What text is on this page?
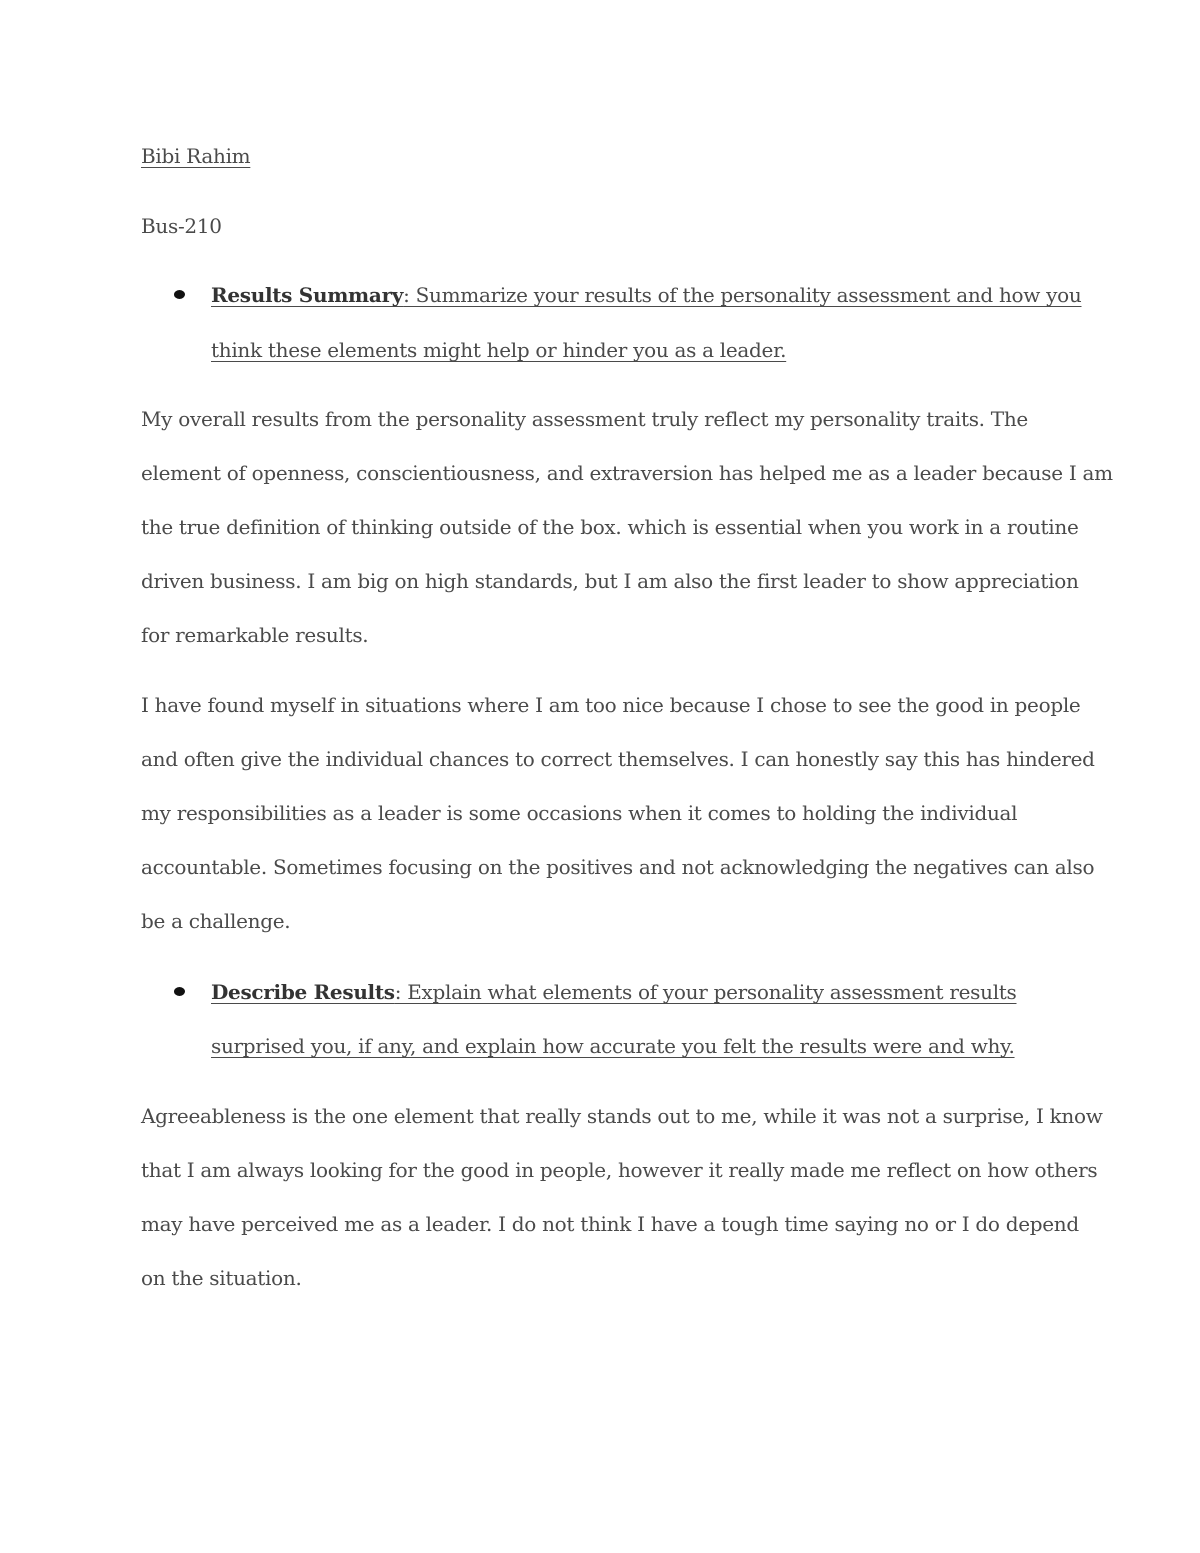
Bibi Rahim
Bus-210
Results Summary: Summarize your results of the personality assessment and how you
think these elements might help or hinder you as a leader.
My overall results from the personality assessment truly reflect my personality traits. The
element of openness, conscientiousness, and extraversion has helped me as a leader because I am
the true definition of thinking outside of the box. which is essential when you work in a routine
driven business. I am big on high standards, but I am also the first leader to show appreciation
for remarkable results.
I have found myself in situations where I am too nice because I chose to see the good in people
and often give the individual chances to correct themselves. I can honestly say this has hindered
my responsibilities as a leader is some occasions when it comes to holding the individual
accountable. Sometimes focusing on the positives and not acknowledging the negatives can also
be a challenge.
Describe Results: Explain what elements of your personality assessment results
surprised you, if any, and explain how accurate you felt the results were and why.
Agreeableness is the one element that really stands out to me, while it was not a surprise, I know
that I am always looking for the good in people, however it really made me reflect on how others
may have perceived me as a leader. I do not think I have a tough time saying no or I do depend
on the situation.
